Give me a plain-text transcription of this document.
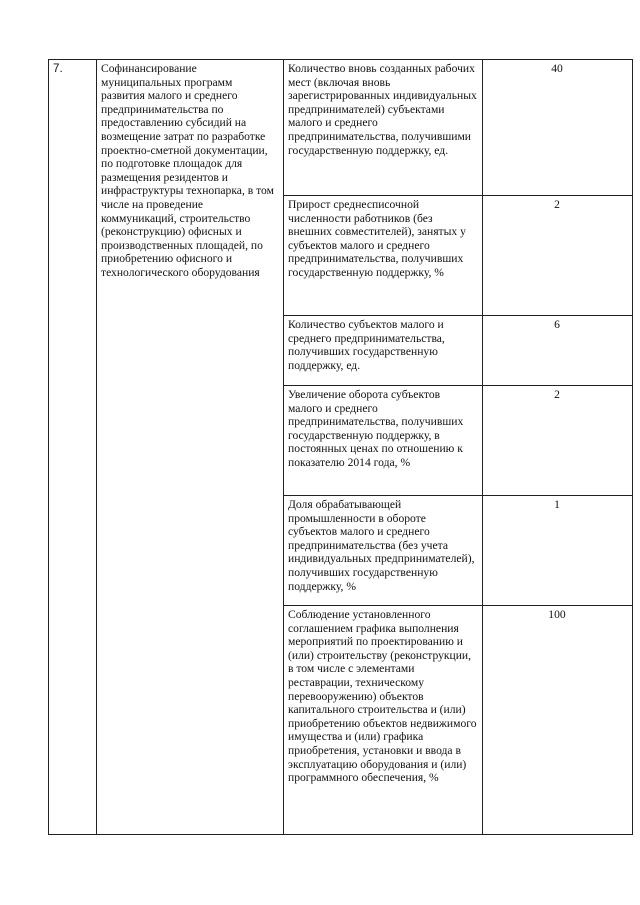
7.	Софинансирование муниципальных программ развития малого и среднего предпринимательства по предоставлению субсидий на возмещение затрат по разработке проектно-сметной документации, по подготовке площадок для размещения резидентов и инфраструктуры технопарка, в том числе на проведение коммуникаций, строительство (реконструкцию) офисных и производственных площадей, по приобретению офисного и технологического оборудования	Количество вновь созданных рабочих мест (включая вновь зарегистрированных индивидуальных предпринимателей) субъектами малого и среднего предпринимательства, получившими государственную поддержку, ед.	40
		Прирост среднесписочной численности работников (без внешних совместителей), занятых у субъектов малого и среднего предпринимательства, получивших государственную поддержку, %	2
		Количество субъектов малого и среднего предпринимательства, получивших государственную поддержку, ед.	6
		Увеличение оборота субъектов малого и среднего предпринимательства, получивших государственную поддержку, в постоянных ценах по отношению к показателю 2014 года, %	2
		Доля обрабатывающей промышленности в обороте субъектов малого и среднего предпринимательства (без учета индивидуальных предпринимателей), получивших государственную поддержку, %	1
		Соблюдение установленного соглашением графика выполнения мероприятий по проектированию и (или) строительству (реконструкции, в том числе с элементами реставрации, техническому перевооружению) объектов капитального строительства и (или) приобретению объектов недвижимого имущества и (или) графика приобретения, установки и ввода в эксплуатацию оборудования и (или) программного обеспечения, %	100
